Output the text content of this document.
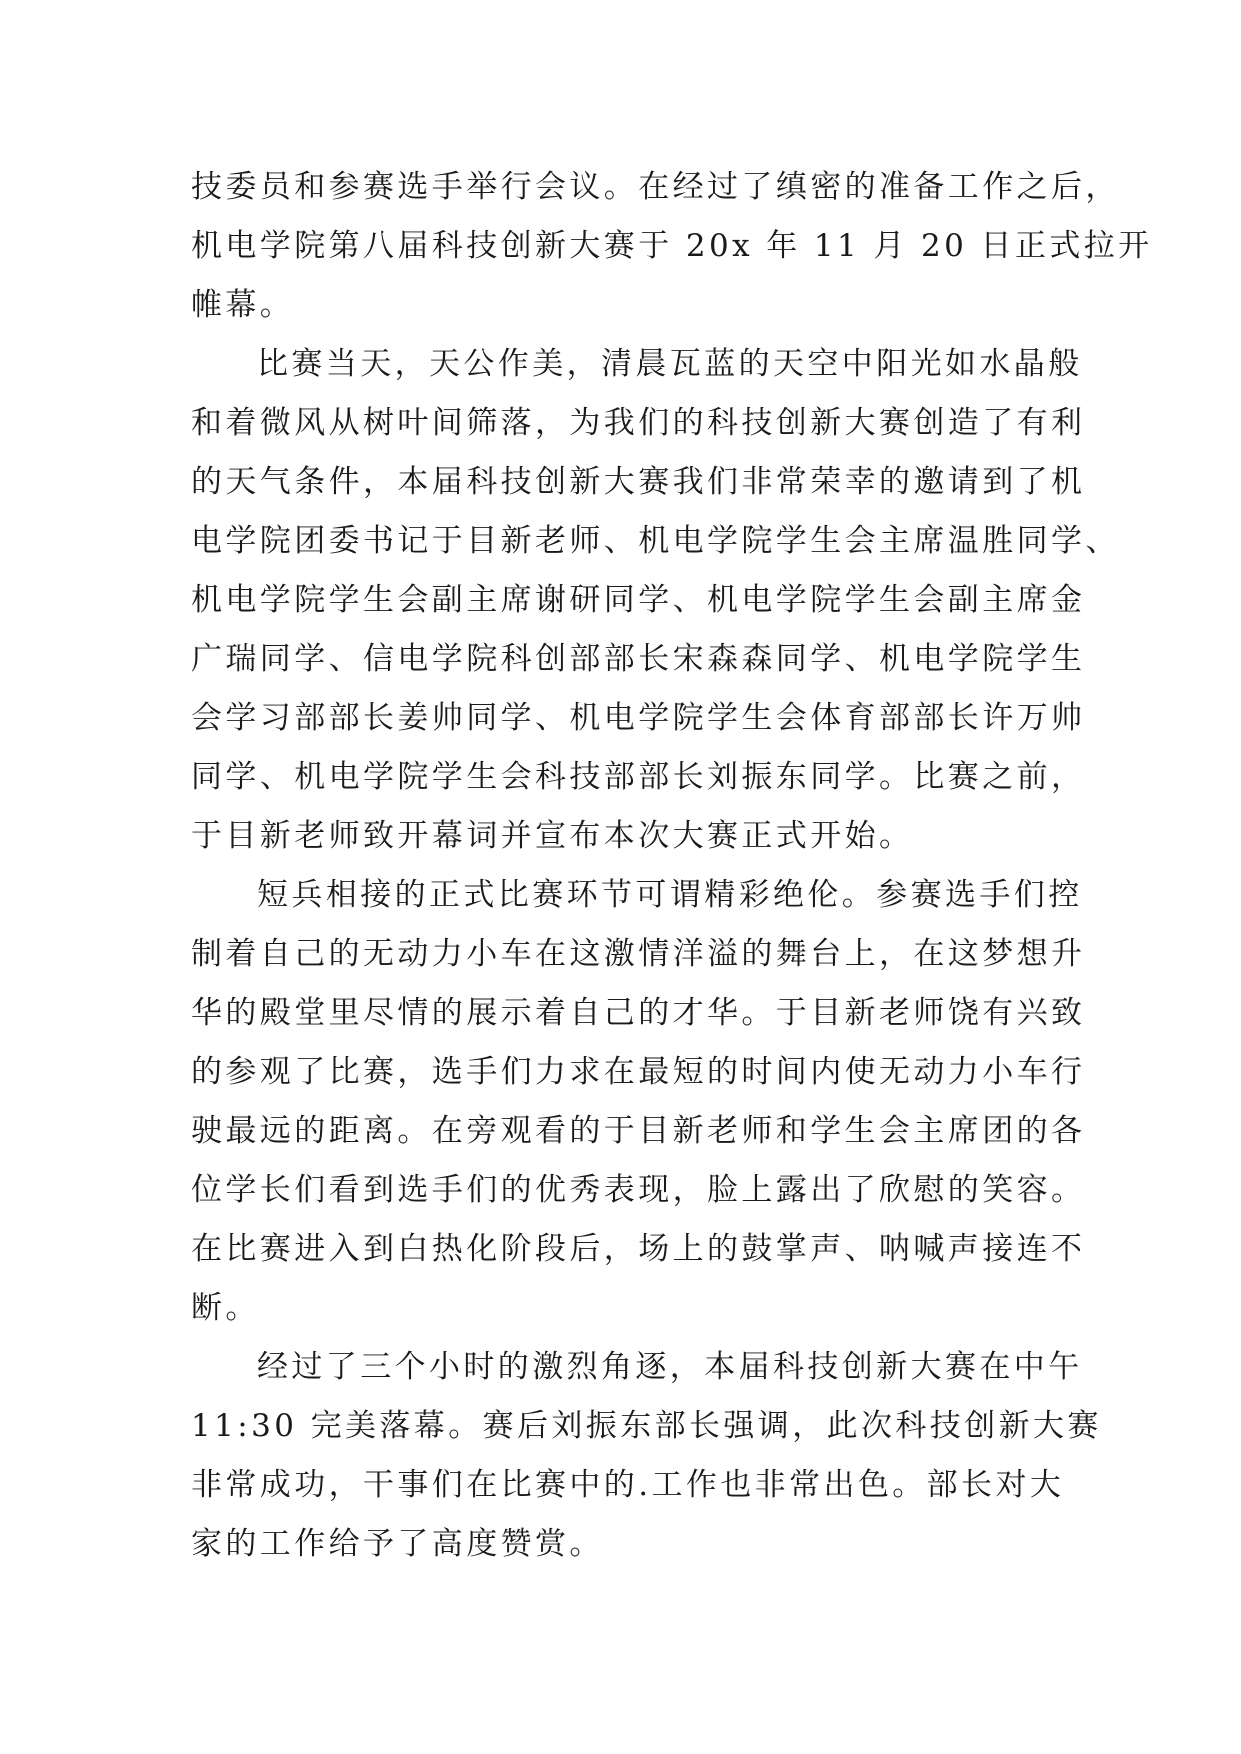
技委员和参赛选手举行会议。在经过了缜密的准备工作之后，
机电学院第八届科技创新大赛于 20x 年 11 月 20 日正式拉开
帷幕。
比赛当天，天公作美，清晨瓦蓝的天空中阳光如水晶般
和着微风从树叶间筛落，为我们的科技创新大赛创造了有利
的天气条件，本届科技创新大赛我们非常荣幸的邀请到了机
电学院团委书记于目新老师、机电学院学生会主席温胜同学、
机电学院学生会副主席谢研同学、机电学院学生会副主席金
广瑞同学、信电学院科创部部长宋森森同学、机电学院学生
会学习部部长姜帅同学、机电学院学生会体育部部长许万帅
同学、机电学院学生会科技部部长刘振东同学。比赛之前，
于目新老师致开幕词并宣布本次大赛正式开始。
短兵相接的正式比赛环节可谓精彩绝伦。参赛选手们控
制着自己的无动力小车在这激情洋溢的舞台上，在这梦想升
华的殿堂里尽情的展示着自己的才华。于目新老师饶有兴致
的参观了比赛，选手们力求在最短的时间内使无动力小车行
驶最远的距离。在旁观看的于目新老师和学生会主席团的各
位学长们看到选手们的优秀表现，脸上露出了欣慰的笑容。
在比赛进入到白热化阶段后，场上的鼓掌声、呐喊声接连不
断。
经过了三个小时的激烈角逐，本届科技创新大赛在中午
11:30 完美落幕。赛后刘振东部长强调，此次科技创新大赛
非常成功，干事们在比赛中的.工作也非常出色。部长对大
家的工作给予了高度赞赏。
